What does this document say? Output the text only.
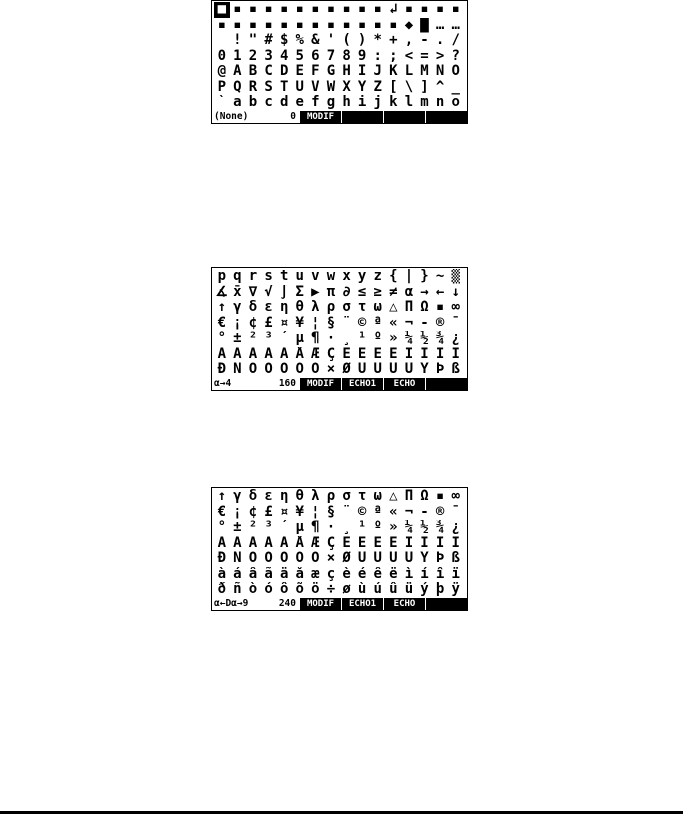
■ ▪ ▪ ▪ ▪ ▪ ▪ ▪ ▪ ▪ ▪ ↲ ▪ ▪ ▪ ▪
▪ ▪ ▪ ▪ ▪ ▪ ▪ ▪ ▪ ▪ ▪ ▪ ◆ █ … …
! " # $ % & ' ( ) * + , - . /
0 1 2 3 4 5 6 7 8 9 : ; < = > ?
@ A B C D E F G H I J K L M N O
P Q R S T U V W X Y Z [ \ ] ^ _
` a b c d e f g h i j k l m n o
(None)	0	MODIF
p q r s t u v w x y z { | } ~ ▒
∡ x̄ ∇ √ ∫ Σ ▶ π ∂ ≤ ≥ ≠ α → ← ↓
↑ γ δ ε η θ λ ρ σ τ ω △ Π Ω ▪ ∞
€ ¡ ¢ £ ¤ ¥ ¦ § ¨ © ª « ¬ - ® ¯
° ± ² ³ ´ µ ¶ · ¸ ¹ º » ¼ ½ ¾ ¿
À Á Â Ã Ä Å Æ Ç È É Ê Ë Ì Í Î Ï
Đ Ñ Ò Ó Ô Õ Ö × Ø Ù Ú Û Ü Ý Þ ß
α→4	160	MODIF	ECHO1	ECHO
↑ γ δ ε η θ λ ρ σ τ ω △ Π Ω ▪ ∞
€ ¡ ¢ £ ¤ ¥ ¦ § ¨ © ª « ¬ - ® ¯
° ± ² ³ ´ µ ¶ · ¸ ¹ º » ¼ ½ ¾ ¿
À Á Â Ã Ä Å Æ Ç È É Ê Ë Ì Í Î Ï
Đ Ñ Ò Ó Ô Õ Ö × Ø Ù Ú Û Ü Ý Þ ß
à á â ã ä å æ ç è é ê ë ì í î ï
ð ñ ò ó ô õ ö ÷ ø ù ú û ü ý þ ÿ
α←Dα→9	240	MODIF	ECHO1	ECHO
